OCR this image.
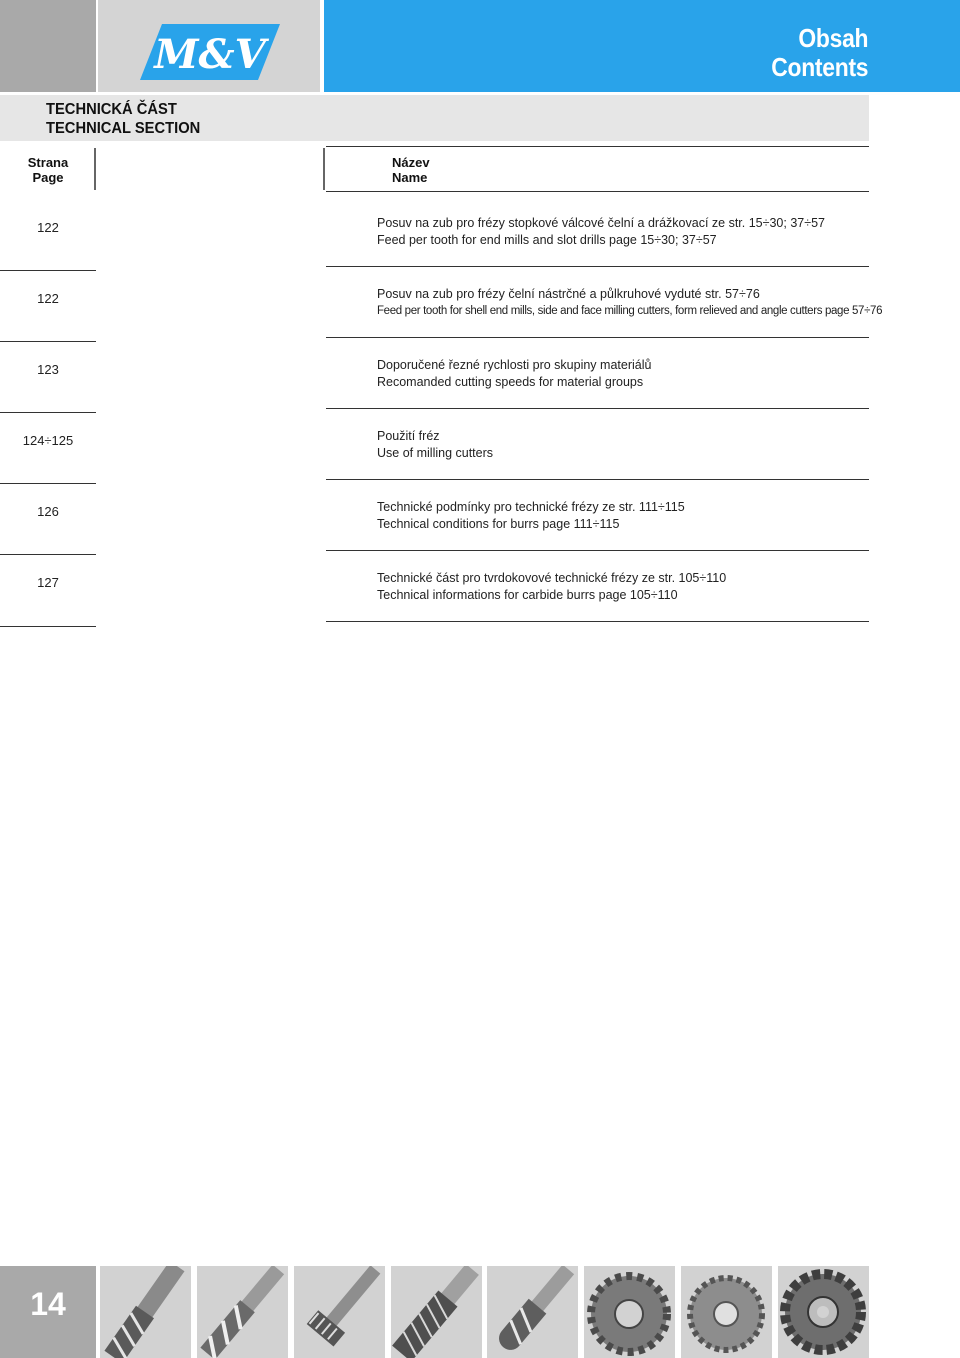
M&V	Obsah
Contents
TECHNICKÁ ČÁST
TECHNICAL SECTION
Strana
Page
Název
Name
122	Posuv na zub pro frézy stopkové válcové čelní a drážkovací ze str. 15÷30; 37÷57
Feed per tooth for end mills and slot drills page 15÷30; 37÷57
122	Posuv na zub pro frézy čelní nástrčné a půlkruhové vyduté str. 57÷76
Feed per tooth for shell end mills, side and face milling cutters, form relieved and angle cutters page 57÷76
123	Doporučené řezné rychlosti pro skupiny materiálů
Recomanded cutting speeds for material groups
124÷125	Použití fréz
Use of milling cutters
126	Technické podmínky pro technické frézy ze str. 111÷115
Technical conditions for burrs page 111÷115
127	Technické část pro tvrdokovové technické frézy ze str. 105÷110
Technical informations for carbide burrs page 105÷110
14
